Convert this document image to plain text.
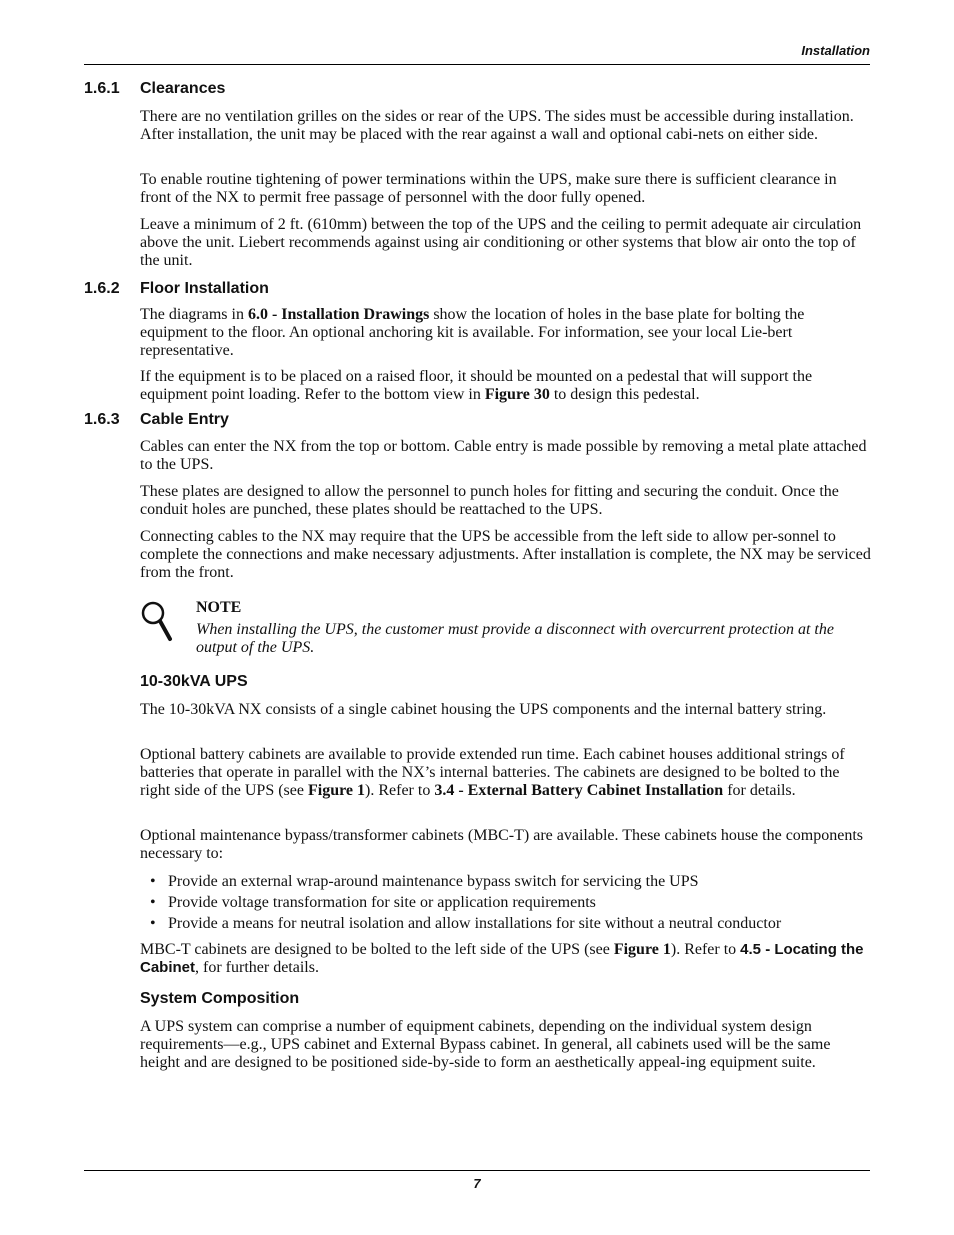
Installation
1.6.1 Clearances

There are no ventilation grilles on the sides or rear of the UPS. The sides must be accessible during installation. After installation, the unit may be placed with the rear against a wall and optional cabi-nets on either side.

To enable routine tightening of power terminations within the UPS, make sure there is sufficient clearance in front of the NX to permit free passage of personnel with the door fully opened.

Leave a minimum of 2 ft. (610mm) between the top of the UPS and the ceiling to permit adequate air circulation above the unit. Liebert recommends against using air conditioning or other systems that blow air onto the top of the unit.

1.6.2 Floor Installation

The diagrams in 6.0 - Installation Drawings show the location of holes in the base plate for bolting the equipment to the floor. An optional anchoring kit is available. For information, see your local Lie-bert representative.

If the equipment is to be placed on a raised floor, it should be mounted on a pedestal that will support the equipment point loading. Refer to the bottom view in Figure 30 to design this pedestal.

1.6.3 Cable Entry

Cables can enter the NX from the top or bottom. Cable entry is made possible by removing a metal plate attached to the UPS.

These plates are designed to allow the personnel to punch holes for fitting and securing the conduit. Once the conduit holes are punched, these plates should be reattached to the UPS.

Connecting cables to the NX may require that the UPS be accessible from the left side to allow per-sonnel to complete the connections and make necessary adjustments. After installation is complete, the NX may be serviced from the front.

NOTE

When installing the UPS, the customer must provide a disconnect with overcurrent protection at the output of the UPS.

10-30kVA UPS

The 10-30kVA NX consists of a single cabinet housing the UPS components and the internal battery string.

Optional battery cabinets are available to provide extended run time. Each cabinet houses additional strings of batteries that operate in parallel with the NX’s internal batteries. The cabinets are designed to be bolted to the right side of the UPS (see Figure 1). Refer to 3.4 - External Battery Cabinet Installation for details.

Optional maintenance bypass/transformer cabinets (MBC-T) are available. These cabinets house the components necessary to:

• Provide an external wrap-around maintenance bypass switch for servicing the UPS
• Provide voltage transformation for site or application requirements
• Provide a means for neutral isolation and allow installations for site without a neutral conductor

MBC-T cabinets are designed to be bolted to the left side of the UPS (see Figure 1). Refer to 4.5 - Locating the Cabinet, for further details.

System Composition

A UPS system can comprise a number of equipment cabinets, depending on the individual system design requirements—e.g., UPS cabinet and External Bypass cabinet. In general, all cabinets used will be the same height and are designed to be positioned side-by-side to form an aesthetically appeal-ing equipment suite.

7
